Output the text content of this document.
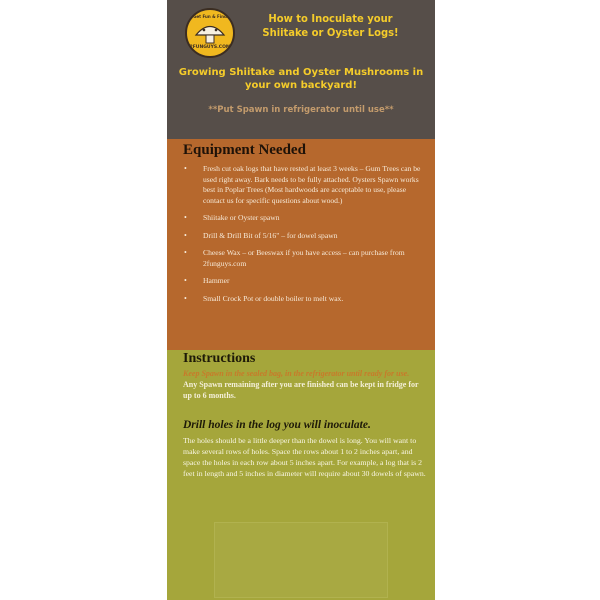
Get Fun & Find
2FUNGUYS.COM
How to Inoculate your Shiitake or Oyster Logs!
Growing Shiitake and Oyster Mushrooms in your own backyard!
**Put Spawn in refrigerator until use**
Equipment Needed
• Fresh cut oak logs that have rested at least 3 weeks – Gum Trees can be used right away. Bark needs to be fully attached. Oysters Spawn works best in Poplar Trees (Most hardwoods are acceptable to use, please contact us for specific questions about wood.)
• Shiitake or Oyster spawn
• Drill & Drill Bit of 5/16" – for dowel spawn
• Cheese Wax – or Beeswax if you have access – can purchase from 2funguys.com
• Hammer
• Small Crock Pot or double boiler to melt wax.
Instructions
Keep Spawn in the sealed bag, in the refrigerator until ready for use. Any Spawn remaining after you are finished can be kept in fridge for up to 6 months.
Drill holes in the log you will inoculate.
The holes should be a little deeper than the dowel is long. You will want to make several rows of holes. Space the rows about 1 to 2 inches apart, and space the holes in each row about 5 inches apart. For example, a log that is 2 feet in length and 5 inches in diameter will require about 30 dowels of spawn.
